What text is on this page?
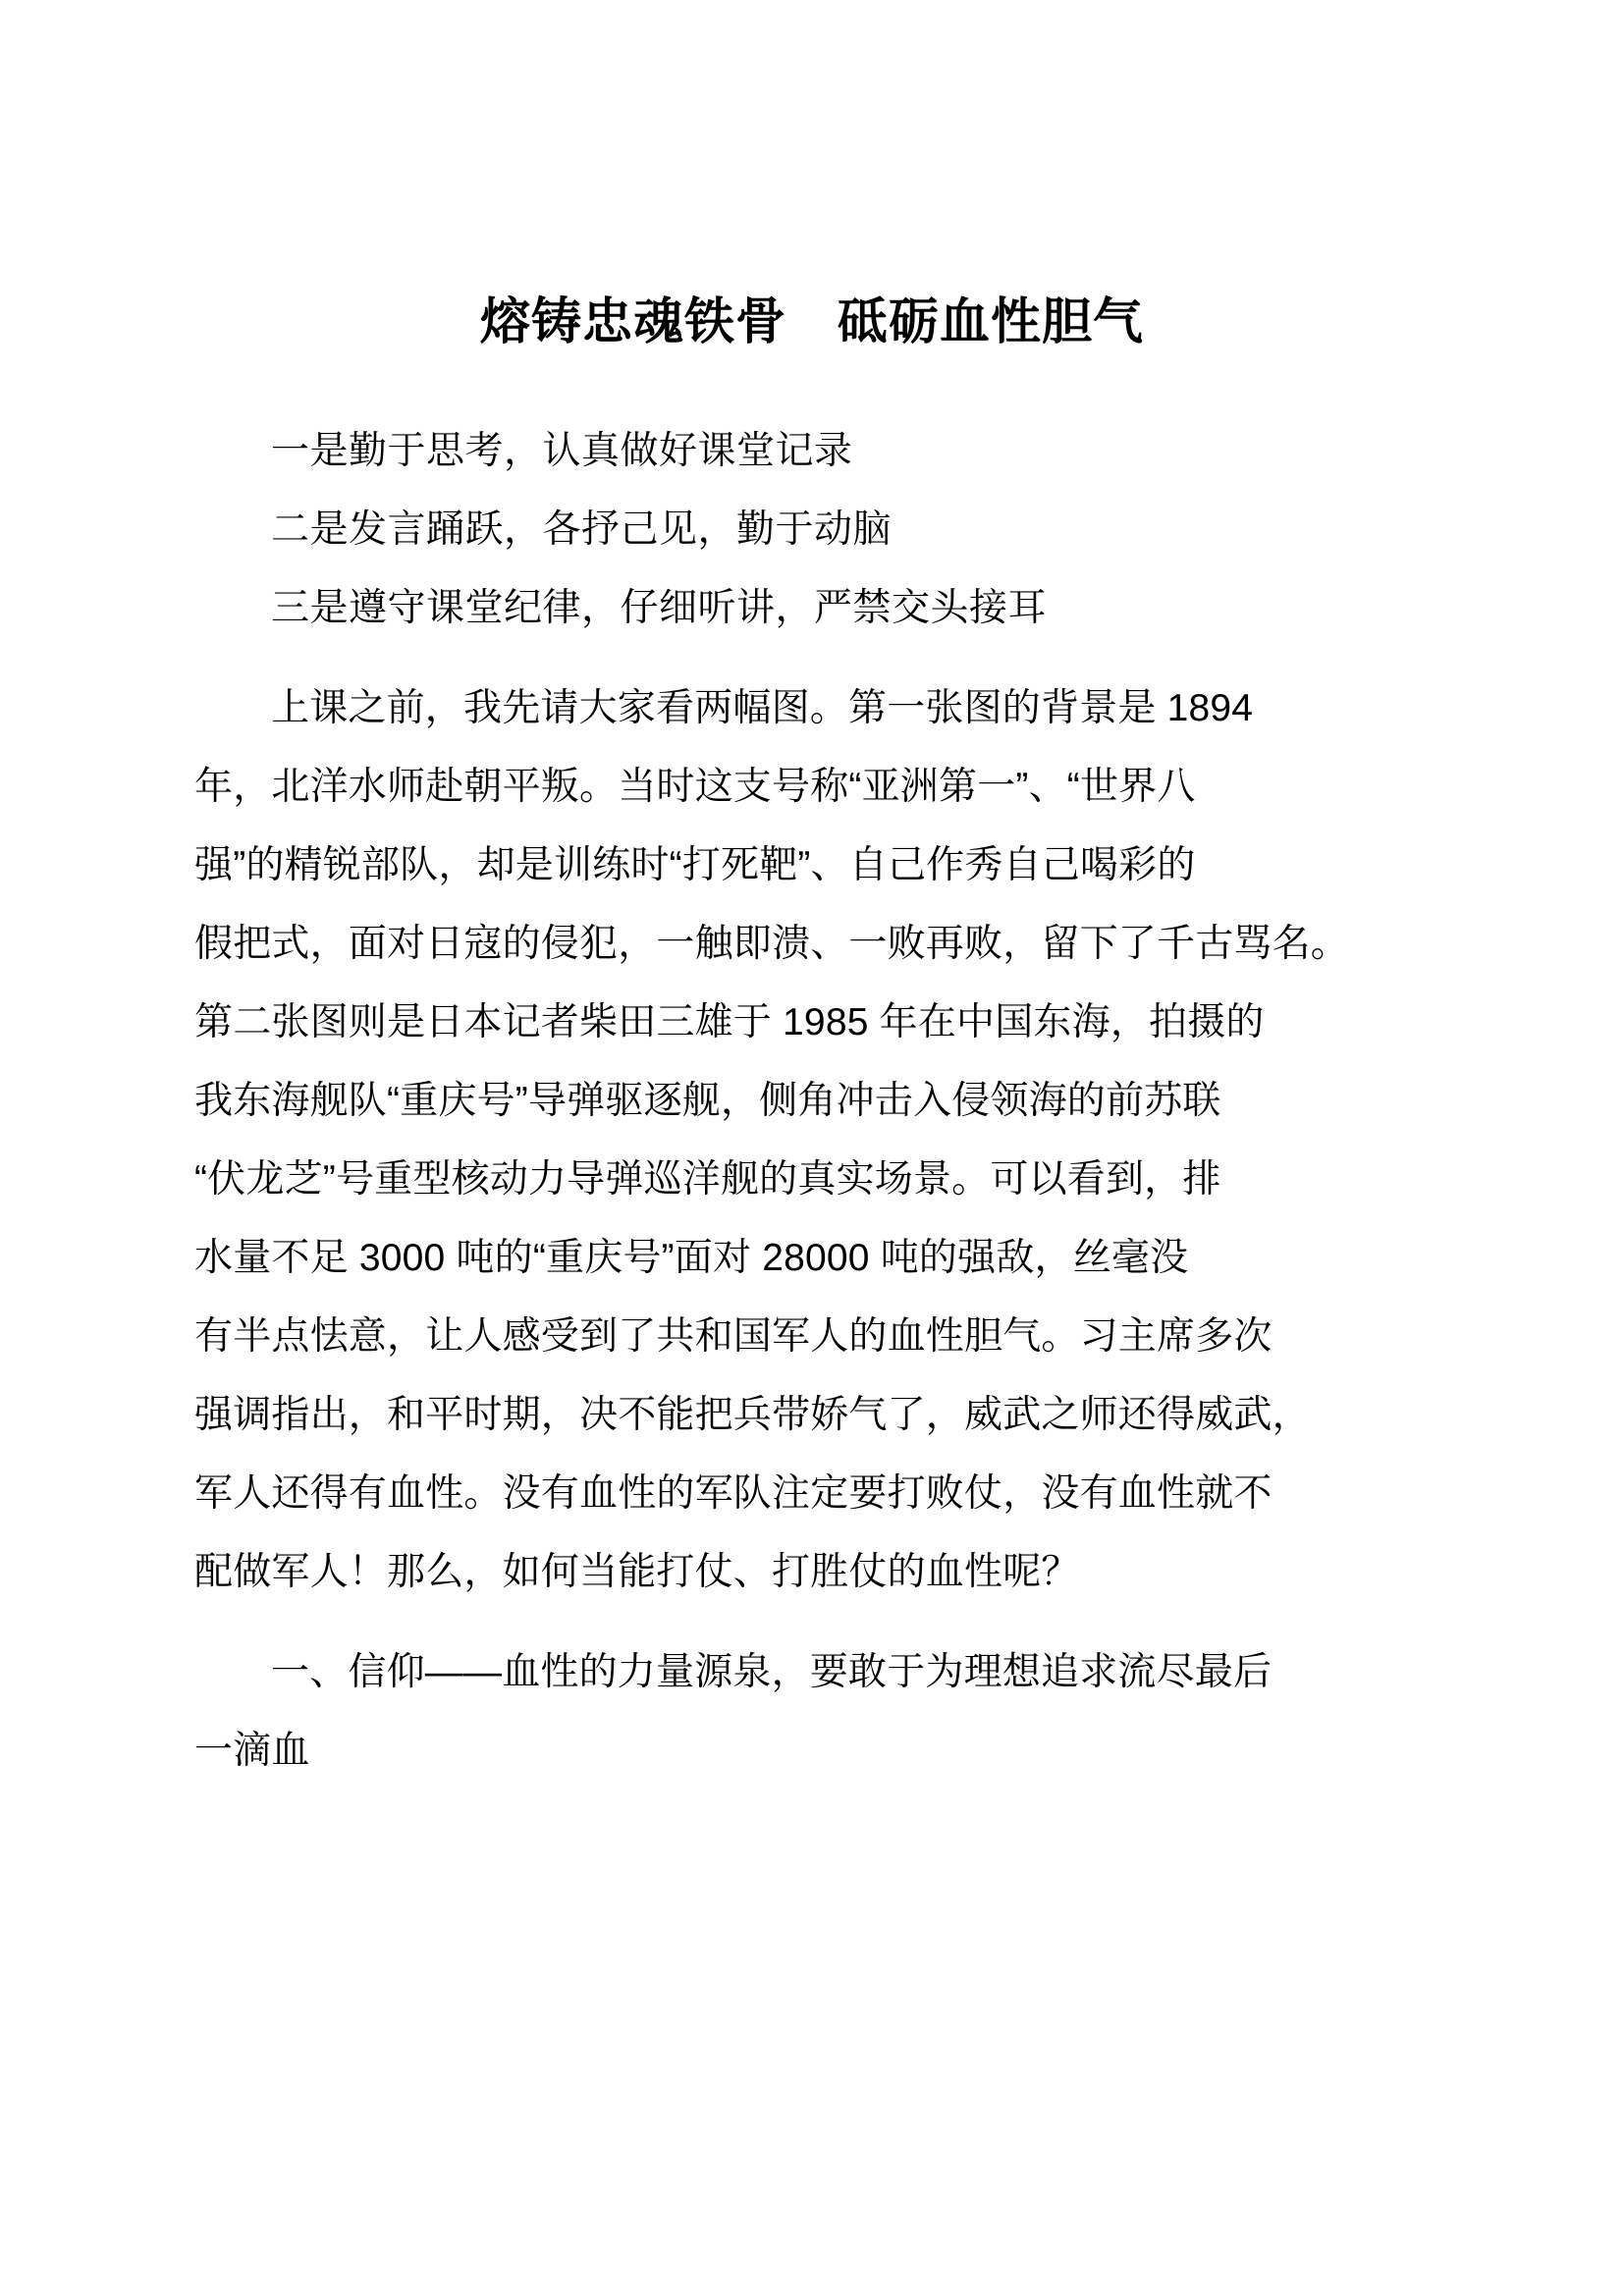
熔铸忠魂铁骨　砥砺血性胆气
一是勤于思考，认真做好课堂记录
二是发言踊跃，各抒己见，勤于动脑
三是遵守课堂纪律，仔细听讲，严禁交头接耳
上课之前，我先请大家看两幅图。第一张图的背景是 1894
年，北洋水师赴朝平叛。当时这支号称“亚洲第一”、“世界八
强”的精锐部队，却是训练时“打死靶”、自己作秀自己喝彩的
假把式，面对日寇的侵犯，一触即溃、一败再败，留下了千古骂名。
第二张图则是日本记者柴田三雄于 1985 年在中国东海，拍摄的
我东海舰队“重庆号”导弹驱逐舰，侧角冲击入侵领海的前苏联
“伏龙芝”号重型核动力导弹巡洋舰的真实场景。可以看到，排
水量不足 3000 吨的“重庆号”面对 28000 吨的强敌，丝毫没
有半点怯意，让人感受到了共和国军人的血性胆气。习主席多次
强调指出，和平时期，决不能把兵带娇气了，威武之师还得威武，
军人还得有血性。没有血性的军队注定要打败仗，没有血性就不
配做军人！那么，如何当能打仗、打胜仗的血性呢？
一、信仰——血性的力量源泉，要敢于为理想追求流尽最后
一滴血
